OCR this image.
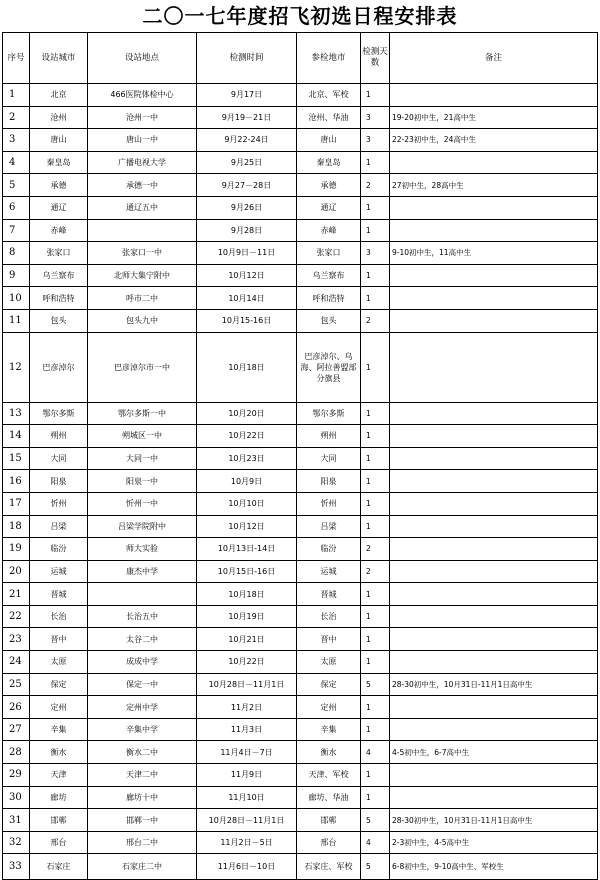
二〇一七年度招飞初选日程安排表
序号	设站城市	设站地点	检测时间	参检地市	检测天数	备注
1	北京	466医院体检中心	9月17日	北京、军校	1	
2	沧州	沧州一中	9月19－21日	沧州、华油	3	19-20初中生，21高中生
3	唐山	唐山一中	9月22-24日	唐山	3	22-23初中生，24高中生
4	秦皇岛	广播电视大学	9月25日	秦皇岛	1	
5	承德	承德一中	9月27－28日	承德	2	27初中生，28高中生
6	通辽	通辽五中	9月26日	通辽	1	
7	赤峰		9月28日	赤峰	1	
8	张家口	张家口一中	10月9日－11日	张家口	3	9-10初中生，11高中生
9	乌兰察布	北师大集宁附中	10月12日	乌兰察布	1	
10	呼和浩特	呼市二中	10月14日	呼和浩特	1	
11	包头	包头九中	10月15-16日	包头	2	
12	巴彦淖尔	巴彦淖尔市一中	10月18日	巴彦淖尔、乌海、阿拉善盟部分旗县	1	
13	鄂尔多斯	鄂尔多斯一中	10月20日	鄂尔多斯	1	
14	朔州	朔城区一中	10月22日	朔州	1	
15	大同	大同一中	10月23日	大同	1	
16	阳泉	阳泉一中	10月9日	阳泉	1	
17	忻州	忻州一中	10月10日	忻州	1	
18	吕梁	吕梁学院附中	10月12日	吕梁	1	
19	临汾	师大实验	10月13日-14日	临汾	2	
20	运城	康杰中学	10月15日-16日	运城	2	
21	晋城		10月18日	晋城	1	
22	长治	长治五中	10月19日	长治	1	
23	晋中	太谷二中	10月21日	晋中	1	
24	太原	成成中学	10月22日	太原	1	
25	保定	保定一中	10月28日－11月1日	保定	5	28-30初中生，10月31日-11月1日高中生
26	定州	定州中学	11月2日	定州	1	
27	辛集	辛集中学	11月3日	辛集	1	
28	衡水	衡水二中	11月4日－7日	衡水	4	4-5初中生，6-7高中生
29	天津	天津二中	11月9日	天津、军校	1	
30	廊坊	廊坊十中	11月10日	廊坊、华油	1	
31	邯郸	邯郸一中	10月28日－11月1日	邯郸	5	28-30初中生，10月31日-11月1日高中生
32	邢台	邢台二中	11月2日－5日	邢台	4	2-3初中生，4-5高中生
33	石家庄	石家庄二中	11月6日－10日	石家庄、军校	5	6-8初中生，9-10高中生、军校生
